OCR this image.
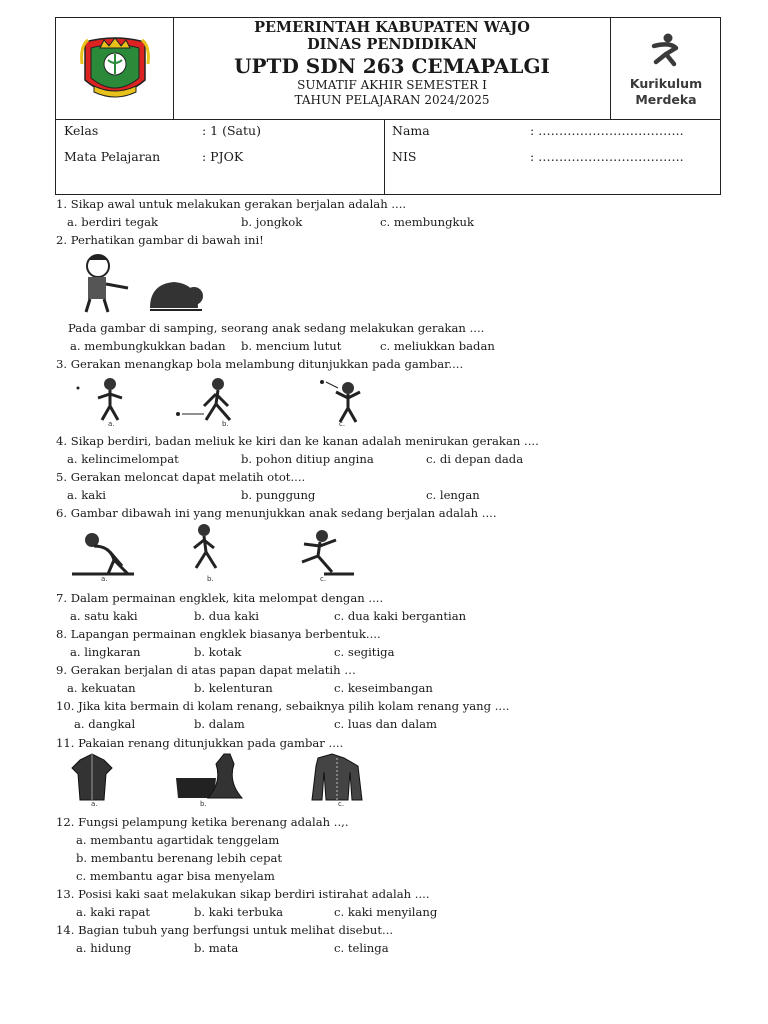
PEMERINTAH KABUPATEN WAJO
DINAS PENDIDIKAN
UPTD SDN 263 CEMAPALGI
SUMATIF AKHIR SEMESTER I
TAHUN PELAJARAN 2024/2025
Kurikulum
Merdeka
Kelas	: 1 (Satu)
Mata Pelajaran	: PJOK
Nama	: ……………………………..
NIS	: ……………………………..
1. Sikap awal untuk melakukan gerakan berjalan adalah ....
a. berdiri tegak	b. jongkok	c. membungkuk
2. Perhatikan gambar di bawah ini!
Pada gambar di samping, seorang anak sedang melakukan gerakan ....
a. membungkukkan badan b. mencium lutut	c. meliukkan badan
3. Gerakan menangkap bola melambung ditunjukkan pada gambar....
a.	b.	c.
4. Sikap berdiri, badan meliuk ke kiri dan ke kanan adalah menirukan gerakan ....
a. kelincimelompat	b. pohon ditiup angina	c. di depan dada
5. Gerakan meloncat dapat melatih otot....
a. kaki	b. punggung	c. lengan
6. Gambar dibawah ini yang menunjukkan anak sedang berjalan adalah ....
a.	b.	c.
7. Dalam permainan engklek, kita melompat dengan ....
a. satu kaki	b. dua kaki	c. dua kaki bergantian
8. Lapangan permainan engklek biasanya berbentuk....
a. lingkaran	b. kotak	c. segitiga
9. Gerakan berjalan di atas papan dapat melatih …
a. kekuatan	b. kelenturan	c. keseimbangan
10. Jika kita bermain di kolam renang, sebaiknya pilih kolam renang yang ....
a. dangkal	b. dalam	c. luas dan dalam
11. Pakaian renang ditunjukkan pada gambar ....
a.	b.	c.
12. Fungsi pelampung ketika berenang adalah ..,.
a. membantu agartidak tenggelam
b. membantu berenang lebih cepat
c. membantu agar bisa menyelam
13. Posisi kaki saat melakukan sikap berdiri istirahat adalah ....
a. kaki rapat	b. kaki terbuka	c. kaki menyilang
14. Bagian tubuh yang berfungsi untuk melihat disebut...
a. hidung	b. mata	c. telinga
